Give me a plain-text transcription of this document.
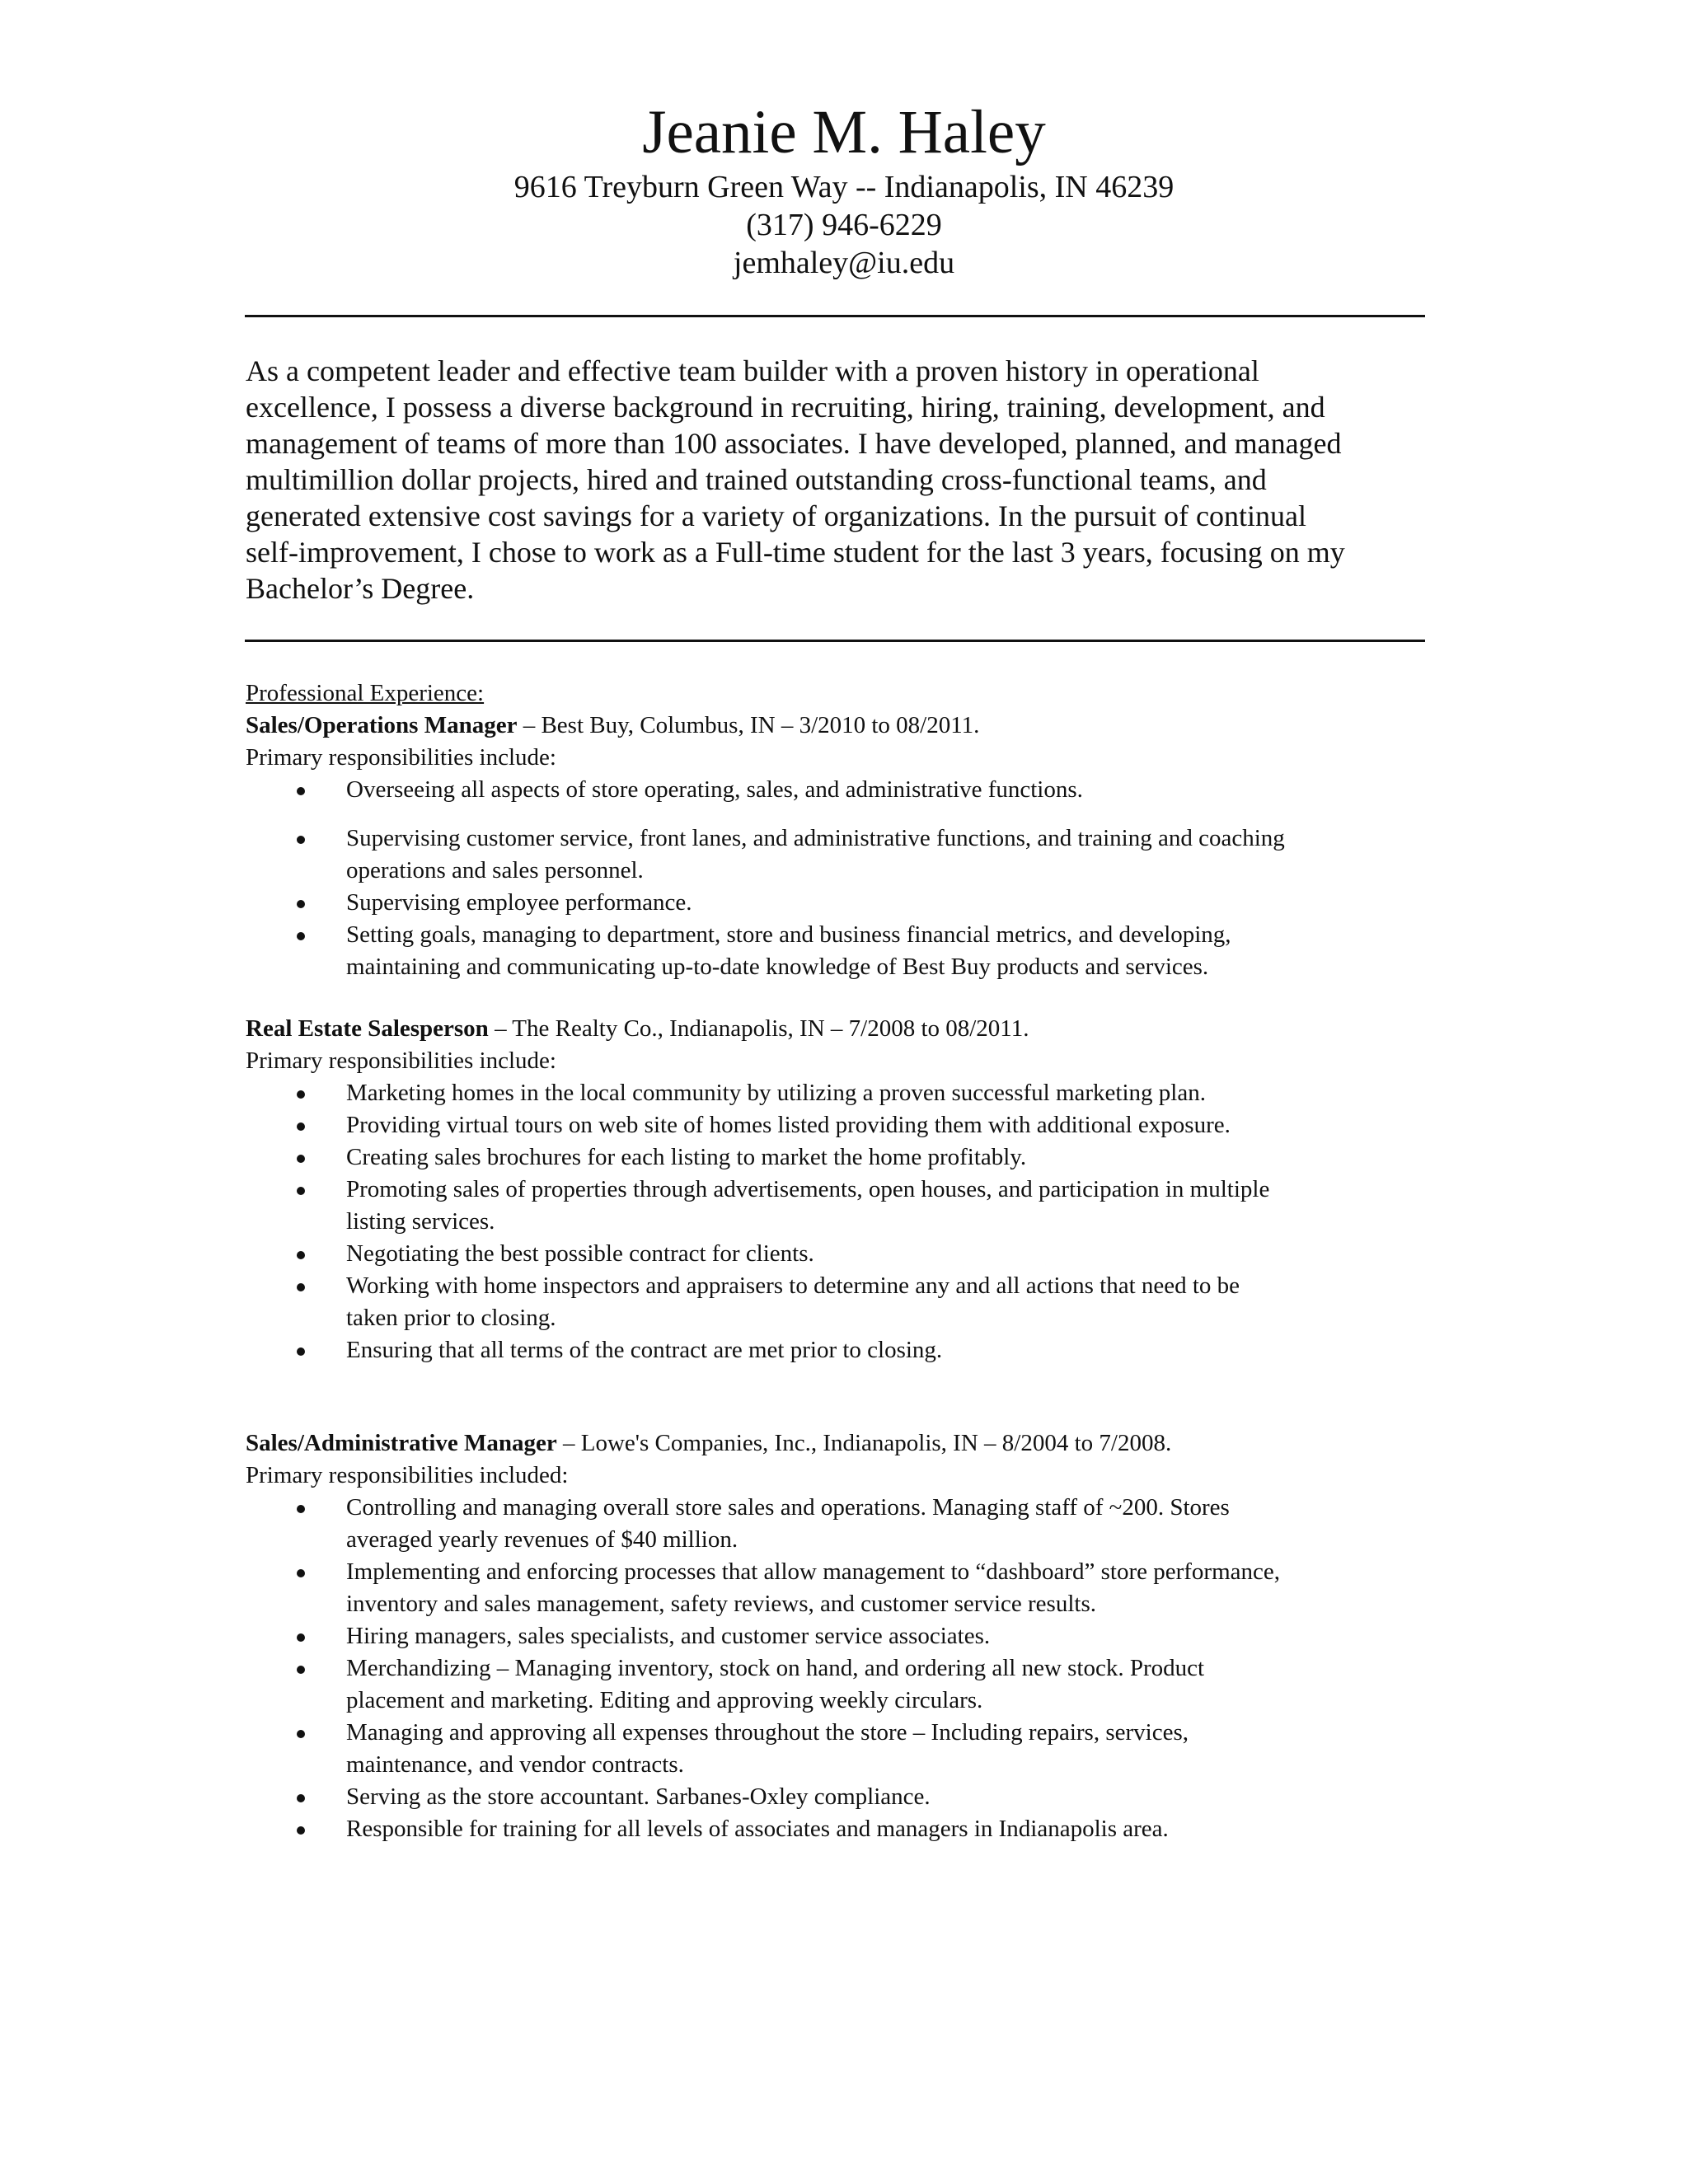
Jeanie M. Haley

9616 Treyburn Green Way -- Indianapolis, IN 46239

(317) 946-6229

jemhaley@iu.edu

As a competent leader and effective team builder with a proven history in operational
excellence, I possess a diverse background in recruiting, hiring, training, development, and
management of teams of more than 100 associates. I have developed, planned, and managed
multimillion dollar projects, hired and trained outstanding cross-functional teams, and
generated extensive cost savings for a variety of organizations. In the pursuit of continual
self-improvement, I chose to work as a Full-time student for the last 3 years, focusing on my
Bachelor’s Degree.

Professional Experience:

Sales/Operations Manager – Best Buy, Columbus, IN – 3/2010 to 08/2011.

Primary responsibilities include:

Overseeing all aspects of store operating, sales, and administrative functions.
Supervising customer service, front lanes, and administrative functions, and training and coaching
operations and sales personnel.
Supervising employee performance.
Setting goals, managing to department, store and business financial metrics, and developing,
maintaining and communicating up-to-date knowledge of Best Buy products and services.

Real Estate Salesperson – The Realty Co., Indianapolis, IN – 7/2008 to 08/2011.

Primary responsibilities include:

Marketing homes in the local community by utilizing a proven successful marketing plan.
Providing virtual tours on web site of homes listed providing them with additional exposure.
Creating sales brochures for each listing to market the home profitably.
Promoting sales of properties through advertisements, open houses, and participation in multiple
listing services.
Negotiating the best possible contract for clients.
Working with home inspectors and appraisers to determine any and all actions that need to be
taken prior to closing.
Ensuring that all terms of the contract are met prior to closing.

Sales/Administrative Manager – Lowe's Companies, Inc., Indianapolis, IN – 8/2004 to 7/2008.

Primary responsibilities included:

Controlling and managing overall store sales and operations. Managing staff of ~200. Stores
averaged yearly revenues of $40 million.
Implementing and enforcing processes that allow management to “dashboard” store performance,
inventory and sales management, safety reviews, and customer service results.
Hiring managers, sales specialists, and customer service associates.
Merchandizing – Managing inventory, stock on hand, and ordering all new stock. Product
placement and marketing. Editing and approving weekly circulars.
Managing and approving all expenses throughout the store – Including repairs, services,
maintenance, and vendor contracts.
Serving as the store accountant. Sarbanes-Oxley compliance.
Responsible for training for all levels of associates and managers in Indianapolis area.
